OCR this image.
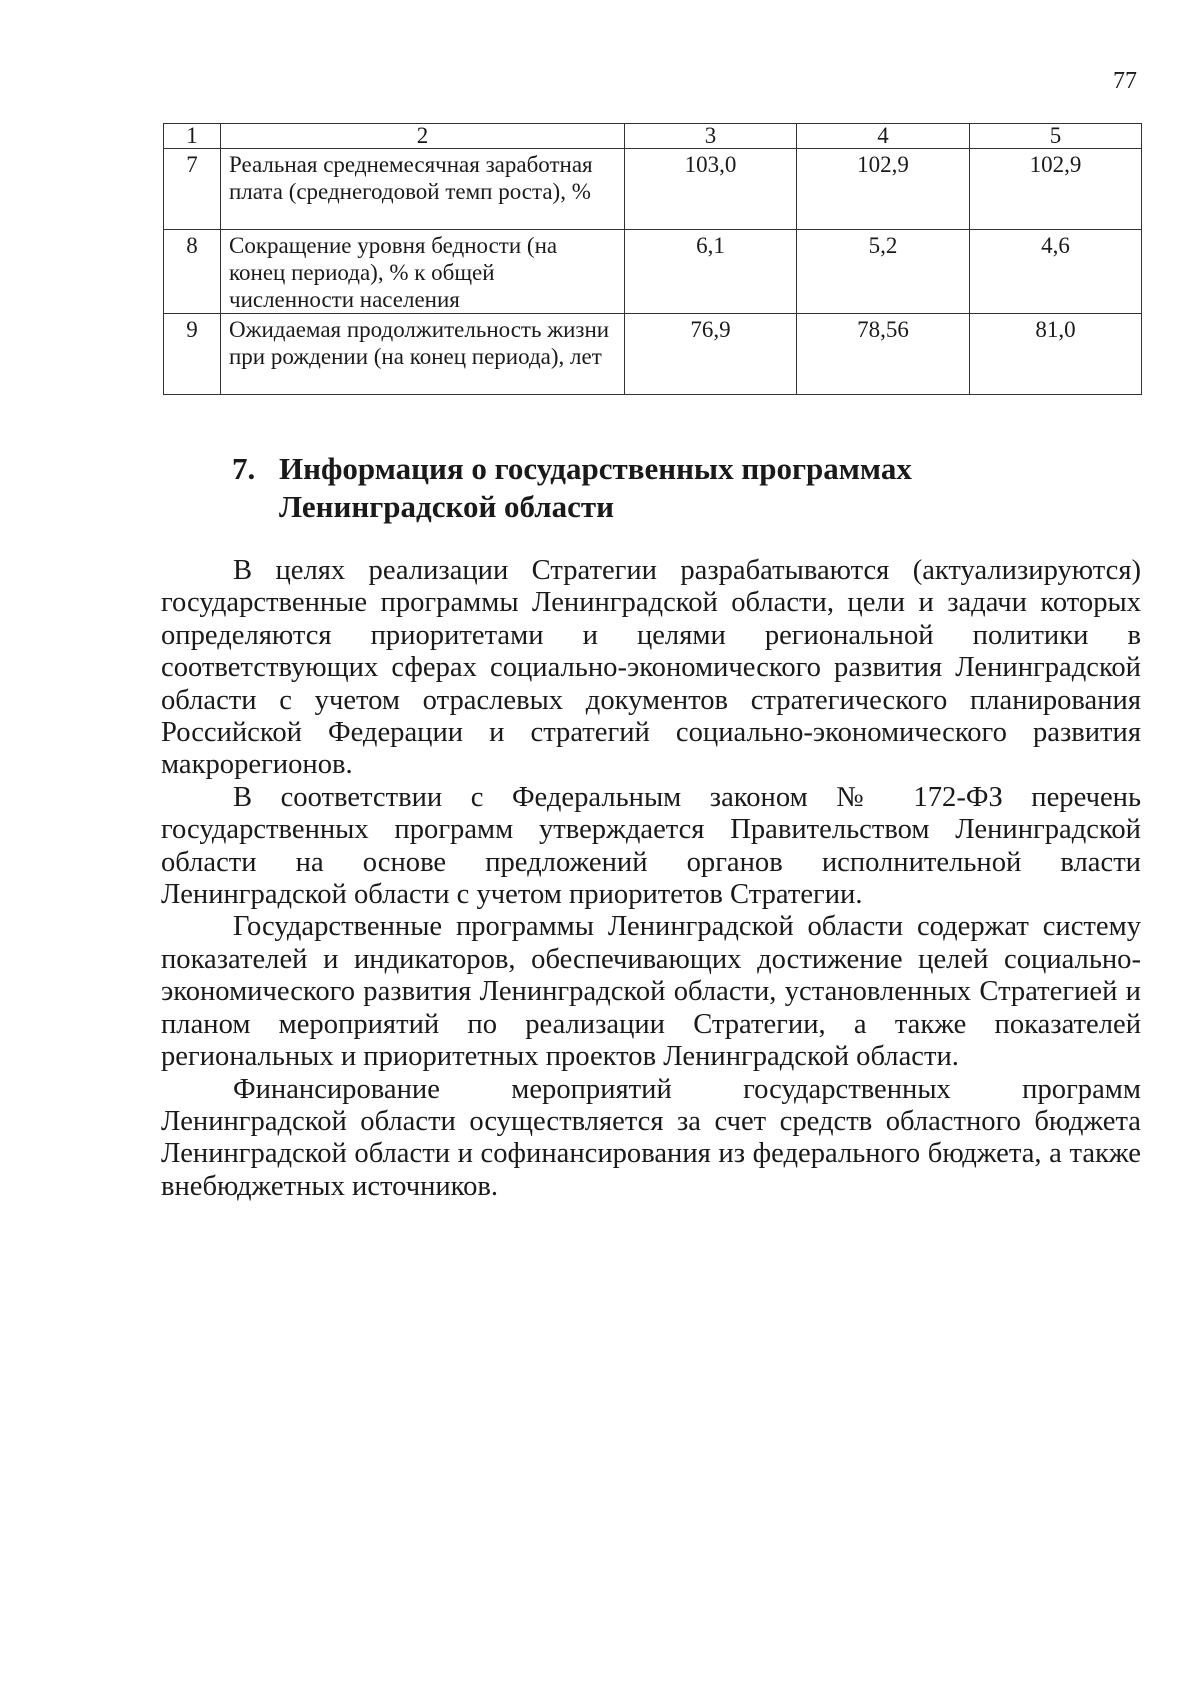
77
1	2	3	4	5
7	Реальная среднемесячная заработная плата (среднегодовой темп роста), %	103,0	102,9	102,9
8	Сокращение уровня бедности (на конец периода), % к общей численности населения	6,1	5,2	4,6
9	Ожидаемая продолжительность жизни при рождении (на конец периода), лет	76,9	78,56	81,0
7. Информация о государственных программах
Ленинградской области

В целях реализации Стратегии разрабатываются (актуализируются) государственные программы Ленинградской области, цели и задачи которых определяются приоритетами и целями региональной политики в соответствующих сферах социально-экономического развития Ленинградской области с учетом отраслевых документов стратегического планирования Российской Федерации и стратегий социально-экономического развития макрорегионов.

В соответствии с Федеральным законом № 172-ФЗ перечень государственных программ утверждается Правительством Ленинградской области на основе предложений органов исполнительной власти Ленинградской области с учетом приоритетов Стратегии.

Государственные программы Ленинградской области содержат систему показателей и индикаторов, обеспечивающих достижение целей социально-экономического развития Ленинградской области, установленных Стратегией и планом мероприятий по реализации Стратегии, а также показателей региональных и приоритетных проектов Ленинградской области.

Финансирование мероприятий государственных программ Ленинградской области осуществляется за счет средств областного бюджета Ленинградской области и софинансирования из федерального бюджета, а также внебюджетных источников.
